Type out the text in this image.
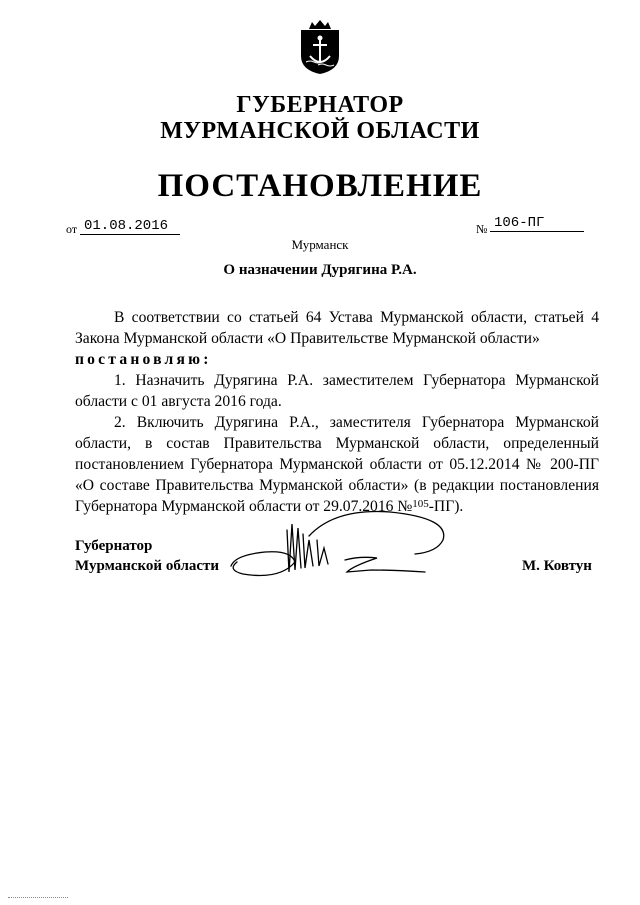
ГУБЕРНАТОР
МУРМАНСКОЙ ОБЛАСТИ
ПОСТАНОВЛЕНИЕ
от 01.08.2016	№ 106-ПГ
Мурманск
О назначении Дурягина Р.А.

В соответствии со статьей 64 Устава Мурманской области, статьей 4 Закона Мурманской области «О Правительстве Мурманской области»
постановляю:

1. Назначить Дурягина Р.А. заместителем Губернатора Мурманской области с 01 августа 2016 года.

2. Включить Дурягина Р.А., заместителя Губернатора Мурманской области, в состав Правительства Мурманской области, определенный постановлением Губернатора Мурманской области от 05.12.2014 № 200-ПГ «О составе Правительства Мурманской области» (в редакции постановления Губернатора Мурманской области от 29.07.2016 №$^{105}$-ПГ).

Губернатор
Мурманской области	М. Ковтун
